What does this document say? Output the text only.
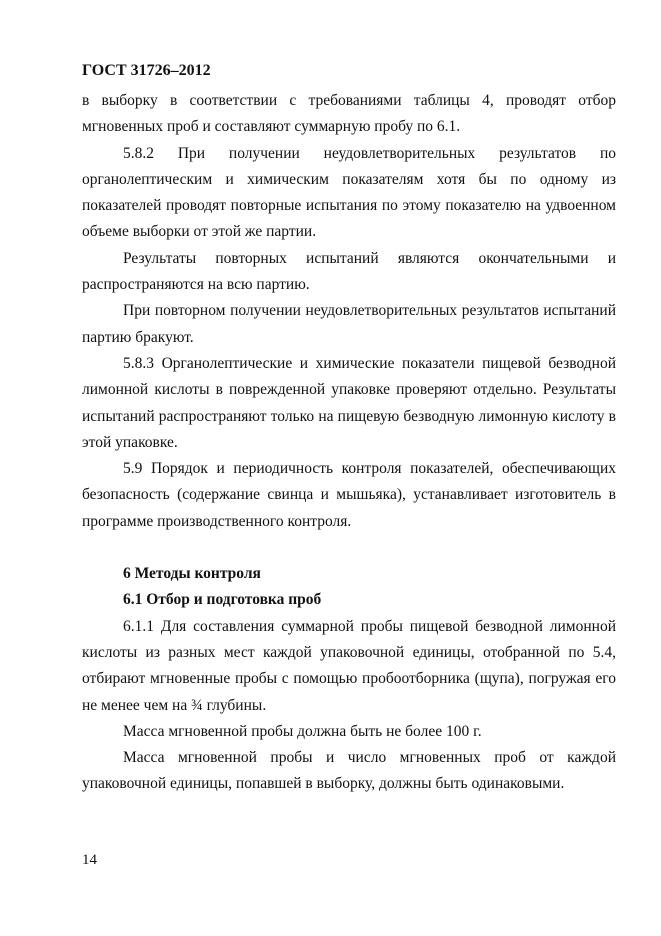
ГОСТ 31726–2012

в выборку в соответствии с требованиями таблицы 4, проводят отбор мгновенных проб и составляют суммарную пробу по 6.1.

5.8.2 При получении неудовлетворительных результатов по органолептическим и химическим показателям хотя бы по одному из показателей проводят повторные испытания по этому показателю на удвоенном объеме выборки от этой же партии.

Результаты повторных испытаний являются окончательными и распространяются на всю партию.

При повторном получении неудовлетворительных результатов испытаний партию бракуют.

5.8.3 Органолептические и химические показатели пищевой безводной лимонной кислоты в поврежденной упаковке проверяют отдельно. Результаты испытаний распространяют только на пищевую безводную лимонную кислоту в этой упаковке.

5.9 Порядок и периодичность контроля показателей, обеспечивающих безопасность (содержание свинца и мышьяка), устанавливает изготовитель в программе производственного контроля.

6 Методы контроля

6.1 Отбор и подготовка проб

6.1.1 Для составления суммарной пробы пищевой безводной лимонной кислоты из разных мест каждой упаковочной единицы, отобранной по 5.4, отбирают мгновенные пробы с помощью пробоотборника (щупа), погружая его не менее чем на ¾ глубины.

Масса мгновенной пробы должна быть не более 100 г.

Масса мгновенной пробы и число мгновенных проб от каждой упаковочной единицы, попавшей в выборку, должны быть одинаковыми.

14
